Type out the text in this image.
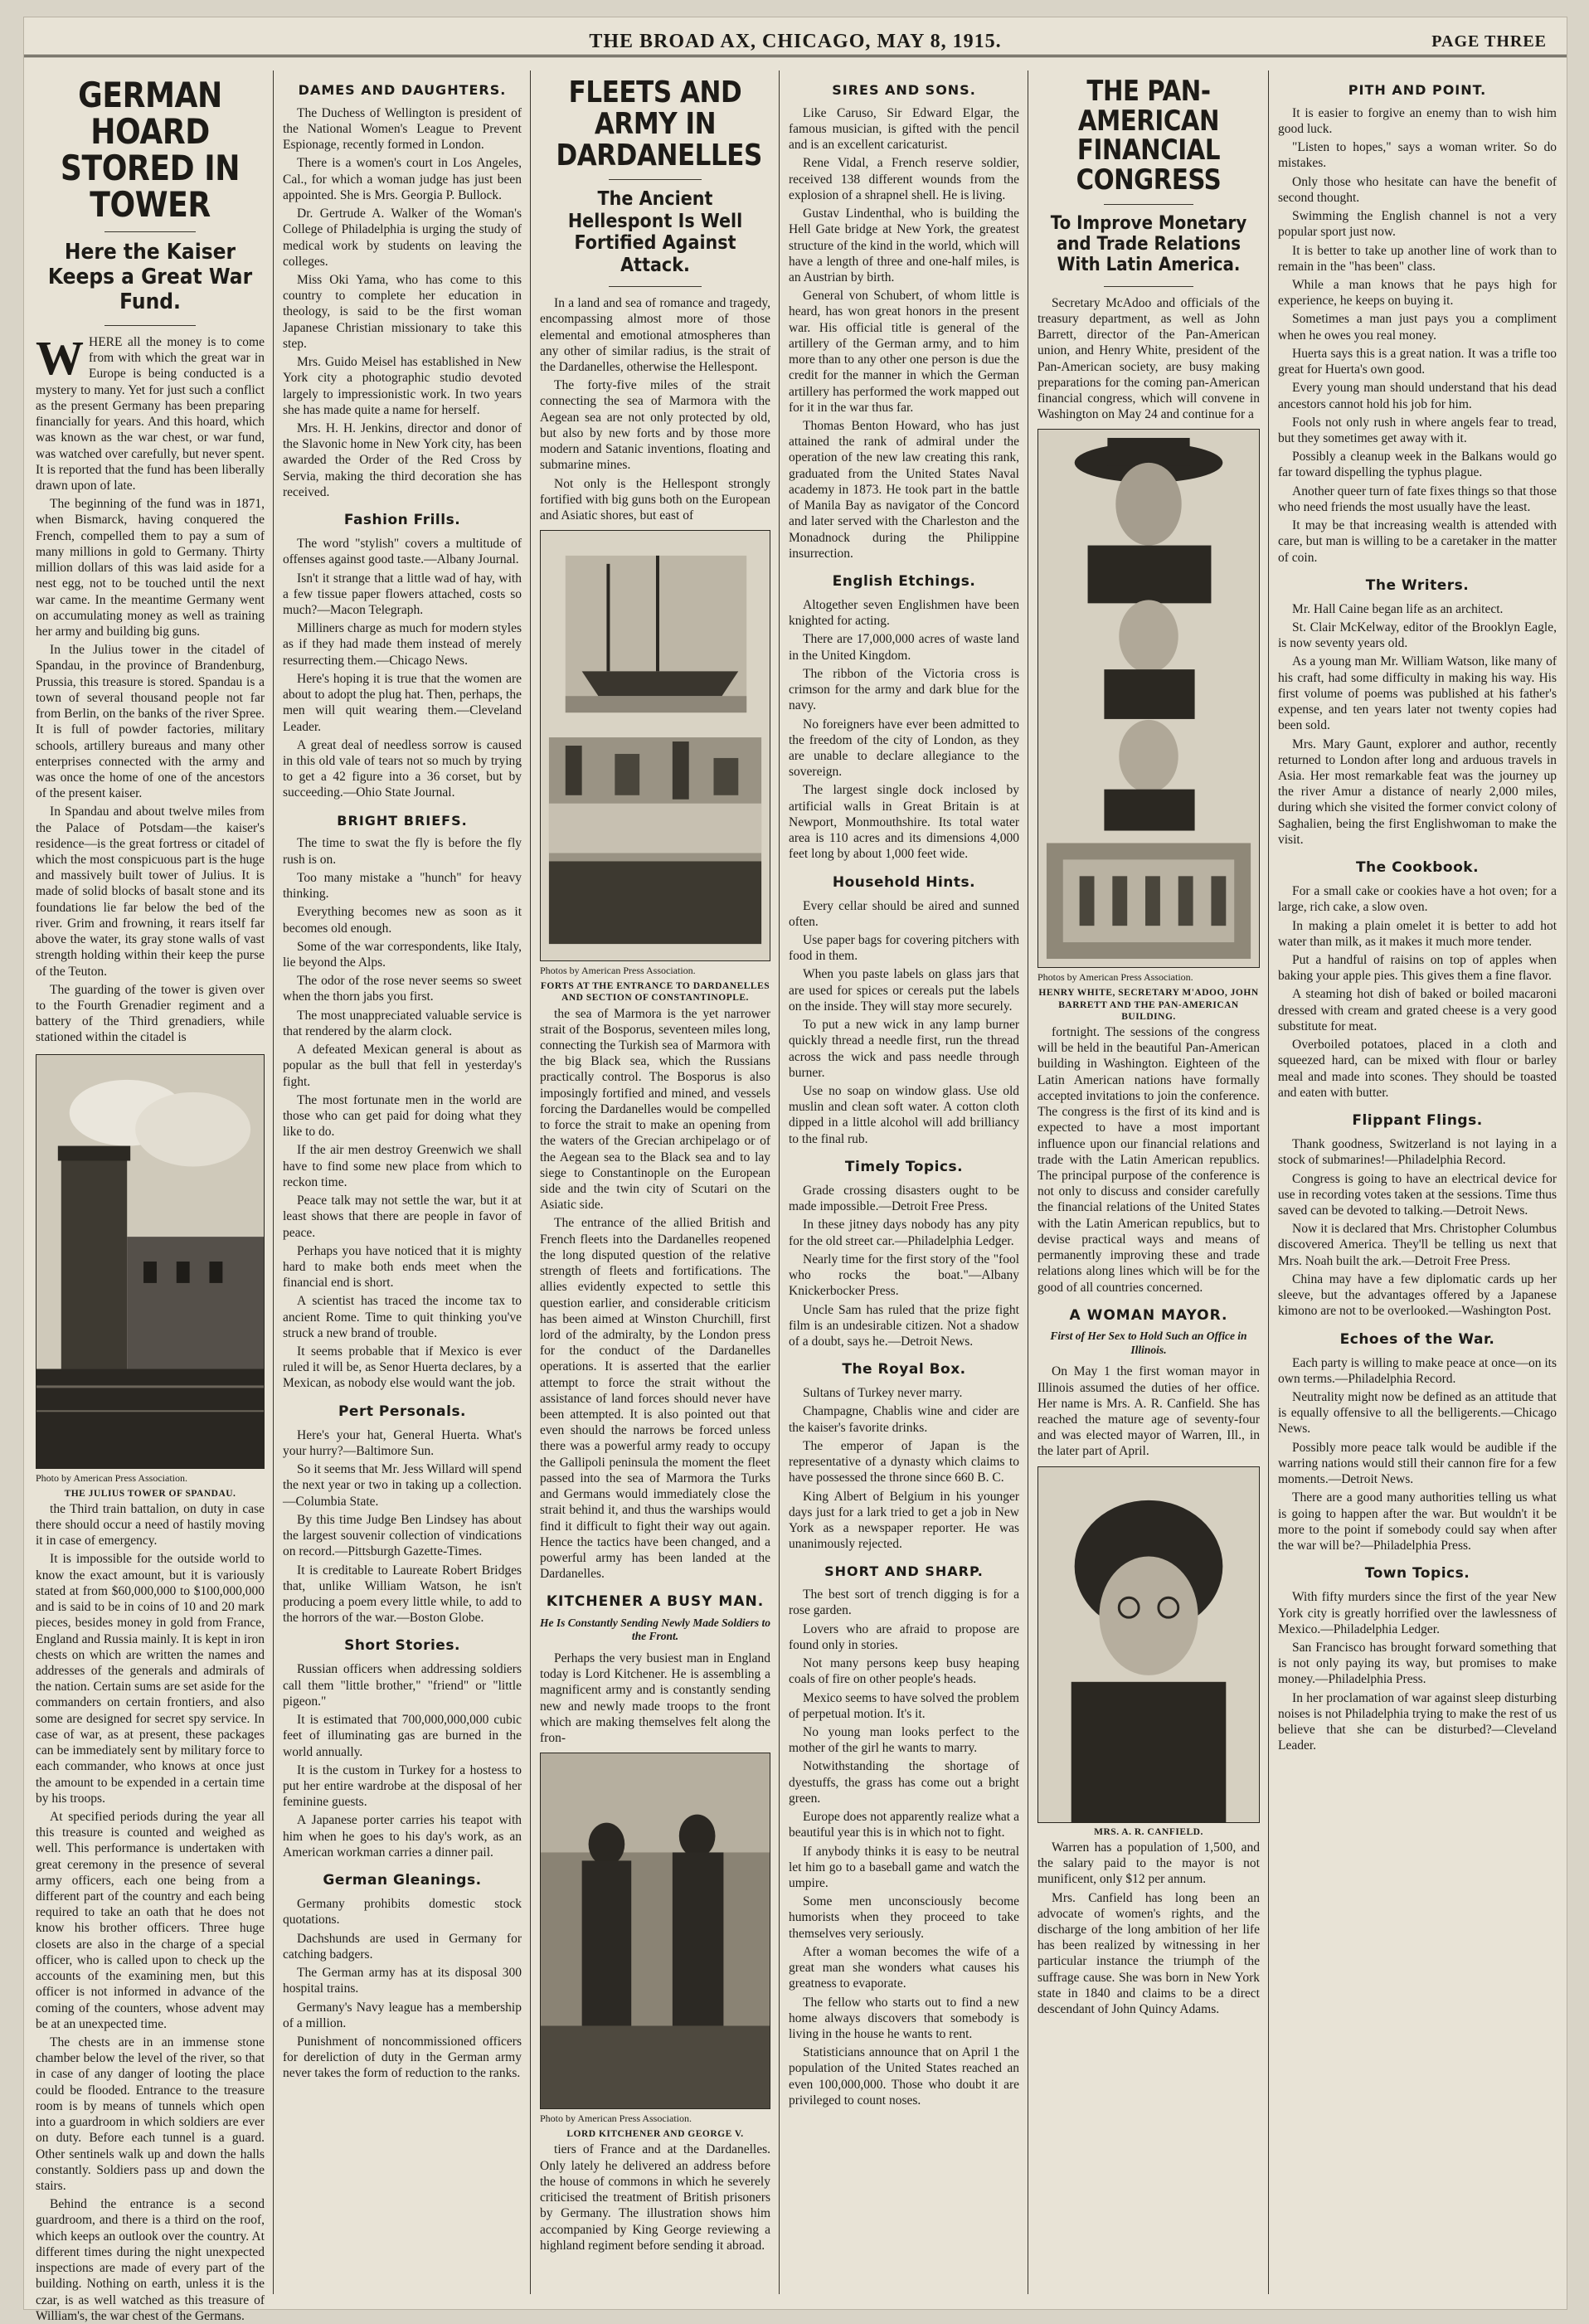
THE BROAD AX, CHICAGO, MAY 8, 1915.	PAGE THREE
GERMAN HOARD STORED IN TOWER
Here the Kaiser Keeps a Great War Fund.

WHERE all the money is to come from with which the great war in Europe is being conducted is a mystery to many. Yet for just such a conflict as the present Germany has been preparing financially for years. And this hoard, which was known as the war chest, or war fund, was watched over carefully, but never spent. It is reported that the fund has been liberally drawn upon of late.

The beginning of the fund was in 1871, when Bismarck, having conquered the French, compelled them to pay a sum of many millions in gold to Germany. Thirty million dollars of this was laid aside for a nest egg, not to be touched until the next war came. In the meantime Germany went on accumulating money as well as training her army and building big guns.

In the Julius tower in the citadel of Spandau, in the province of Brandenburg, Prussia, this treasure is stored. Spandau is a town of several thousand people not far from Berlin, on the banks of the river Spree. It is full of powder factories, military schools, artillery bureaus and many other enterprises connected with the army and was once the home of one of the ancestors of the present kaiser.

In Spandau and about twelve miles from the Palace of Potsdam—the kaiser's residence—is the great fortress or citadel of which the most conspicuous part is the huge and massively built tower of Julius. It is made of solid blocks of basalt stone and its foundations lie far below the bed of the river. Grim and frowning, it rears itself far above the water, its gray stone walls of vast strength holding within their keep the purse of the Teuton.

The guarding of the tower is given over to the Fourth Grenadier regiment and a battery of the Third grenadiers, while stationed within the citadel is

Photo by American Press Association.
THE JULIUS TOWER OF SPANDAU.

the Third train battalion, on duty in case there should occur a need of hastily moving it in case of emergency.

It is impossible for the outside world to know the exact amount, but it is variously stated at from $60,000,000 to $100,000,000 and is said to be in coins of 10 and 20 mark pieces, besides money in gold from France, England and Russia mainly. It is kept in iron chests on which are written the names and addresses of the generals and admirals of the nation. Certain sums are set aside for the commanders on certain frontiers, and also some are designed for secret spy service. In case of war, as at present, these packages can be immediately sent by military force to each commander, who knows at once just the amount to be expended in a certain time by his troops.

At specified periods during the year all this treasure is counted and weighed as well. This performance is undertaken with great ceremony in the presence of several army officers, each one being from a different part of the country and each being required to take an oath that he does not know his brother officers. Three huge closets are also in the charge of a special officer, who is called upon to check up the accounts of the examining men, but this officer is not informed in advance of the coming of the counters, whose advent may be at an unexpected time.

The chests are in an immense stone chamber below the level of the river, so that in case of any danger of looting the place could be flooded. Entrance to the treasure room is by means of tunnels which open into a guardroom in which soldiers are ever on duty. Before each tunnel is a guard. Other sentinels walk up and down the halls constantly. Soldiers pass up and down the stairs.

Behind the entrance is a second guardroom, and there is a third on the roof, which keeps an outlook over the country. At different times during the night unexpected inspections are made of every part of the building. Nothing on earth, unless it is the czar, is as well watched as this treasure of William's, the war chest of the Germans.

DAMES AND DAUGHTERS.

The Duchess of Wellington is president of the National Women's League to Prevent Espionage, recently formed in London.

There is a women's court in Los Angeles, Cal., for which a woman judge has just been appointed. She is Mrs. Georgia P. Bullock.

Dr. Gertrude A. Walker of the Woman's College of Philadelphia is urging the study of medical work by students on leaving the colleges.

Miss Oki Yama, who has come to this country to complete her education in theology, is said to be the first woman Japanese Christian missionary to take this step.

Mrs. Guido Meisel has established in New York city a photographic studio devoted largely to impressionistic work. In two years she has made quite a name for herself.

Mrs. H. H. Jenkins, director and donor of the Slavonic home in New York city, has been awarded the Order of the Red Cross by Servia, making the third decoration she has received.

Fashion Frills.

The word "stylish" covers a multitude of offenses against good taste.—Albany Journal.

Isn't it strange that a little wad of hay, with a few tissue paper flowers attached, costs so much?—Macon Telegraph.

Milliners charge as much for modern styles as if they had made them instead of merely resurrecting them.—Chicago News.

Here's hoping it is true that the women are about to adopt the plug hat. Then, perhaps, the men will quit wearing them.—Cleveland Leader.

A great deal of needless sorrow is caused in this old vale of tears not so much by trying to get a 42 figure into a 36 corset, but by succeeding.—Ohio State Journal.

BRIGHT BRIEFS.

The time to swat the fly is before the fly rush is on.

Too many mistake a "hunch" for heavy thinking.

Everything becomes new as soon as it becomes old enough.

Some of the war correspondents, like Italy, lie beyond the Alps.

The odor of the rose never seems so sweet when the thorn jabs you first.

The most unappreciated valuable service is that rendered by the alarm clock.

A defeated Mexican general is about as popular as the bull that fell in yesterday's fight.

The most fortunate men in the world are those who can get paid for doing what they like to do.

If the air men destroy Greenwich we shall have to find some new place from which to reckon time.

Peace talk may not settle the war, but it at least shows that there are people in favor of peace.

Perhaps you have noticed that it is mighty hard to make both ends meet when the financial end is short.

A scientist has traced the income tax to ancient Rome. Time to quit thinking you've struck a new brand of trouble.

It seems probable that if Mexico is ever ruled it will be, as Senor Huerta declares, by a Mexican, as nobody else would want the job.

Pert Personals.

Here's your hat, General Huerta. What's your hurry?—Baltimore Sun.

So it seems that Mr. Jess Willard will spend the next year or two in taking up a collection.—Columbia State.

By this time Judge Ben Lindsey has about the largest souvenir collection of vindications on record.—Pittsburgh Gazette-Times.

It is creditable to Laureate Robert Bridges that, unlike William Watson, he isn't producing a poem every little while, to add to the horrors of the war.—Boston Globe.

Short Stories.

Russian officers when addressing soldiers call them "little brother," "friend" or "little pigeon."

It is estimated that 700,000,000,000 cubic feet of illuminating gas are burned in the world annually.

It is the custom in Turkey for a hostess to put her entire wardrobe at the disposal of her feminine guests.

A Japanese porter carries his teapot with him when he goes to his day's work, as an American workman carries a dinner pail.

German Gleanings.

Germany prohibits domestic stock quotations.

Dachshunds are used in Germany for catching badgers.

The German army has at its disposal 300 hospital trains.

Germany's Navy league has a membership of a million.

Punishment of noncommissioned officers for dereliction of duty in the German army never takes the form of reduction to the ranks.

FLEETS AND ARMY IN DARDANELLES
The Ancient Hellespont Is Well Fortified Against Attack.

In a land and sea of romance and tragedy, encompassing almost more of those elemental and emotional atmospheres than any other of similar radius, is the strait of the Dardanelles, otherwise the Hellespont.

The forty-five miles of the strait connecting the sea of Marmora with the Aegean sea are not only protected by old, but also by new forts and by those more modern and Satanic inventions, floating and submarine mines.

Not only is the Hellespont strongly fortified with big guns both on the European and Asiatic shores, but east of

Photos by American Press Association.
FORTS AT THE ENTRANCE TO DARDANELLES AND SECTION OF CONSTANTINOPLE.

the sea of Marmora is the yet narrower strait of the Bosporus, seventeen miles long, connecting the Turkish sea of Marmora with the big Black sea, which the Russians practically control. The Bosporus is also imposingly fortified and mined, and vessels forcing the Dardanelles would be compelled to force the strait to make an opening from the waters of the Grecian archipelago or of the Aegean sea to the Black sea and to lay siege to Constantinople on the European side and the twin city of Scutari on the Asiatic side.

The entrance of the allied British and French fleets into the Dardanelles reopened the long disputed question of the relative strength of fleets and fortifications. The allies evidently expected to settle this question earlier, and considerable criticism has been aimed at Winston Churchill, first lord of the admiralty, by the London press for the conduct of the Dardanelles operations. It is asserted that the earlier attempt to force the strait without the assistance of land forces should never have been attempted. It is also pointed out that even should the narrows be forced unless there was a powerful army ready to occupy the Gallipoli peninsula the moment the fleet passed into the sea of Marmora the Turks and Germans would immediately close the strait behind it, and thus the warships would find it difficult to fight their way out again. Hence the tactics have been changed, and a powerful army has been landed at the Dardanelles.

KITCHENER A BUSY MAN.
He Is Constantly Sending Newly Made Soldiers to the Front.

Perhaps the very busiest man in England today is Lord Kitchener. He is assembling a magnificent army and is constantly sending new and newly made troops to the front which are making themselves felt along the fron-

Photo by American Press Association.
LORD KITCHENER AND GEORGE V.

tiers of France and at the Dardanelles. Only lately he delivered an address before the house of commons in which he severely criticised the treatment of British prisoners by Germany. The illustration shows him accompanied by King George reviewing a highland regiment before sending it abroad.

SIRES AND SONS.

Like Caruso, Sir Edward Elgar, the famous musician, is gifted with the pencil and is an excellent caricaturist.

Rene Vidal, a French reserve soldier, received 138 different wounds from the explosion of a shrapnel shell. He is living.

Gustav Lindenthal, who is building the Hell Gate bridge at New York, the greatest structure of the kind in the world, which will have a length of three and one-half miles, is an Austrian by birth.

General von Schubert, of whom little is heard, has won great honors in the present war. His official title is general of the artillery of the German army, and to him more than to any other one person is due the credit for the manner in which the German artillery has performed the work mapped out for it in the war thus far.

Thomas Benton Howard, who has just attained the rank of admiral under the operation of the new law creating this rank, graduated from the United States Naval academy in 1873. He took part in the battle of Manila Bay as navigator of the Concord and later served with the Charleston and the Monadnock during the Philippine insurrection.

English Etchings.

Altogether seven Englishmen have been knighted for acting.

There are 17,000,000 acres of waste land in the United Kingdom.

The ribbon of the Victoria cross is crimson for the army and dark blue for the navy.

No foreigners have ever been admitted to the freedom of the city of London, as they are unable to declare allegiance to the sovereign.

The largest single dock inclosed by artificial walls in Great Britain is at Newport, Monmouthshire. Its total water area is 110 acres and its dimensions 4,000 feet long by about 1,000 feet wide.

Household Hints.

Every cellar should be aired and sunned often.

Use paper bags for covering pitchers with food in them.

When you paste labels on glass jars that are used for spices or cereals put the labels on the inside. They will stay more securely.

To put a new wick in any lamp burner quickly thread a needle first, run the thread across the wick and pass needle through burner.

Use no soap on window glass. Use old muslin and clean soft water. A cotton cloth dipped in a little alcohol will add brilliancy to the final rub.

Timely Topics.

Grade crossing disasters ought to be made impossible.—Detroit Free Press.

In these jitney days nobody has any pity for the old street car.—Philadelphia Ledger.

Nearly time for the first story of the "fool who rocks the boat."—Albany Knickerbocker Press.

Uncle Sam has ruled that the prize fight film is an undesirable citizen. Not a shadow of a doubt, says he.—Detroit News.

The Royal Box.

Sultans of Turkey never marry.

Champagne, Chablis wine and cider are the kaiser's favorite drinks.

The emperor of Japan is the representative of a dynasty which claims to have possessed the throne since 660 B. C.

King Albert of Belgium in his younger days just for a lark tried to get a job in New York as a newspaper reporter. He was unanimously rejected.

SHORT AND SHARP.

The best sort of trench digging is for a rose garden.

Lovers who are afraid to propose are found only in stories.

Not many persons keep busy heaping coals of fire on other people's heads.

Mexico seems to have solved the problem of perpetual motion. It's it.

No young man looks perfect to the mother of the girl he wants to marry.

Notwithstanding the shortage of dyestuffs, the grass has come out a bright green.

Europe does not apparently realize what a beautiful year this is in which not to fight.

If anybody thinks it is easy to be neutral let him go to a baseball game and watch the umpire.

Some men unconsciously become humorists when they proceed to take themselves very seriously.

After a woman becomes the wife of a great man she wonders what causes his greatness to evaporate.

The fellow who starts out to find a new home always discovers that somebody is living in the house he wants to rent.

Statisticians announce that on April 1 the population of the United States reached an even 100,000,000. Those who doubt it are privileged to count noses.

THE PAN-AMERICAN FINANCIAL CONGRESS
To Improve Monetary and Trade Relations With Latin America.

Secretary McAdoo and officials of the treasury department, as well as John Barrett, director of the Pan-American union, and Henry White, president of the Pan-American society, are busy making preparations for the coming pan-American financial congress, which will convene in Washington on May 24 and continue for a

Photos by American Press Association.
HENRY WHITE, SECRETARY M'ADOO, JOHN BARRETT AND THE PAN-AMERICAN BUILDING.

fortnight. The sessions of the congress will be held in the beautiful Pan-American building in Washington. Eighteen of the Latin American nations have formally accepted invitations to join the conference. The congress is the first of its kind and is expected to have a most important influence upon our financial relations and trade with the Latin American republics. The principal purpose of the conference is not only to discuss and consider carefully the financial relations of the United States with the Latin American republics, but to devise practical ways and means of permanently improving these and trade relations along lines which will be for the good of all countries concerned.

A WOMAN MAYOR.
First of Her Sex to Hold Such an Office in Illinois.

On May 1 the first woman mayor in Illinois assumed the duties of her office. Her name is Mrs. A. R. Canfield. She has reached the mature age of seventy-four and was elected mayor of Warren, Ill., in the later part of April.

MRS. A. R. CANFIELD.

Warren has a population of 1,500, and the salary paid to the mayor is not munificent, only $12 per annum.

Mrs. Canfield has long been an advocate of women's rights, and the discharge of the long ambition of her life has been realized by witnessing in her particular instance the triumph of the suffrage cause. She was born in New York state in 1840 and claims to be a direct descendant of John Quincy Adams.

PITH AND POINT.

It is easier to forgive an enemy than to wish him good luck.

"Listen to hopes," says a woman writer. So do mistakes.

Only those who hesitate can have the benefit of second thought.

Swimming the English channel is not a very popular sport just now.

It is better to take up another line of work than to remain in the "has been" class.

While a man knows that he pays high for experience, he keeps on buying it.

Sometimes a man just pays you a compliment when he owes you real money.

Huerta says this is a great nation. It was a trifle too great for Huerta's own good.

Every young man should understand that his dead ancestors cannot hold his job for him.

Fools not only rush in where angels fear to tread, but they sometimes get away with it.

Possibly a cleanup week in the Balkans would go far toward dispelling the typhus plague.

Another queer turn of fate fixes things so that those who need friends the most usually have the least.

It may be that increasing wealth is attended with care, but man is willing to be a caretaker in the matter of coin.

The Writers.

Mr. Hall Caine began life as an architect.

St. Clair McKelway, editor of the Brooklyn Eagle, is now seventy years old.

As a young man Mr. William Watson, like many of his craft, had some difficulty in making his way. His first volume of poems was published at his father's expense, and ten years later not twenty copies had been sold.

Mrs. Mary Gaunt, explorer and author, recently returned to London after long and arduous travels in Asia. Her most remarkable feat was the journey up the river Amur a distance of nearly 2,000 miles, during which she visited the former convict colony of Saghalien, being the first Englishwoman to make the visit.

The Cookbook.

For a small cake or cookies have a hot oven; for a large, rich cake, a slow oven.

In making a plain omelet it is better to add hot water than milk, as it makes it much more tender.

Put a handful of raisins on top of apples when baking your apple pies. This gives them a fine flavor.

A steaming hot dish of baked or boiled macaroni dressed with cream and grated cheese is a very good substitute for meat.

Overboiled potatoes, placed in a cloth and squeezed hard, can be mixed with flour or barley meal and made into scones. They should be toasted and eaten with butter.

Flippant Flings.

Thank goodness, Switzerland is not laying in a stock of submarines!—Philadelphia Record.

Congress is going to have an electrical device for use in recording votes taken at the sessions. Time thus saved can be devoted to talking.—Detroit News.

Now it is declared that Mrs. Christopher Columbus discovered America. They'll be telling us next that Mrs. Noah built the ark.—Detroit Free Press.

China may have a few diplomatic cards up her sleeve, but the advantages offered by a Japanese kimono are not to be overlooked.—Washington Post.

Echoes of the War.

Each party is willing to make peace at once—on its own terms.—Philadelphia Record.

Neutrality might now be defined as an attitude that is equally offensive to all the belligerents.—Chicago News.

Possibly more peace talk would be audible if the warring nations would still their cannon fire for a few moments.—Detroit News.

There are a good many authorities telling us what is going to happen after the war. But wouldn't it be more to the point if somebody could say when after the war will be?—Philadelphia Press.

Town Topics.

With fifty murders since the first of the year New York city is greatly horrified over the lawlessness of Mexico.—Philadelphia Ledger.

San Francisco has brought forward something that is not only paying its way, but promises to make money.—Philadelphia Press.

In her proclamation of war against sleep disturbing noises is not Philadelphia trying to make the rest of us believe that she can be disturbed?—Cleveland Leader.
